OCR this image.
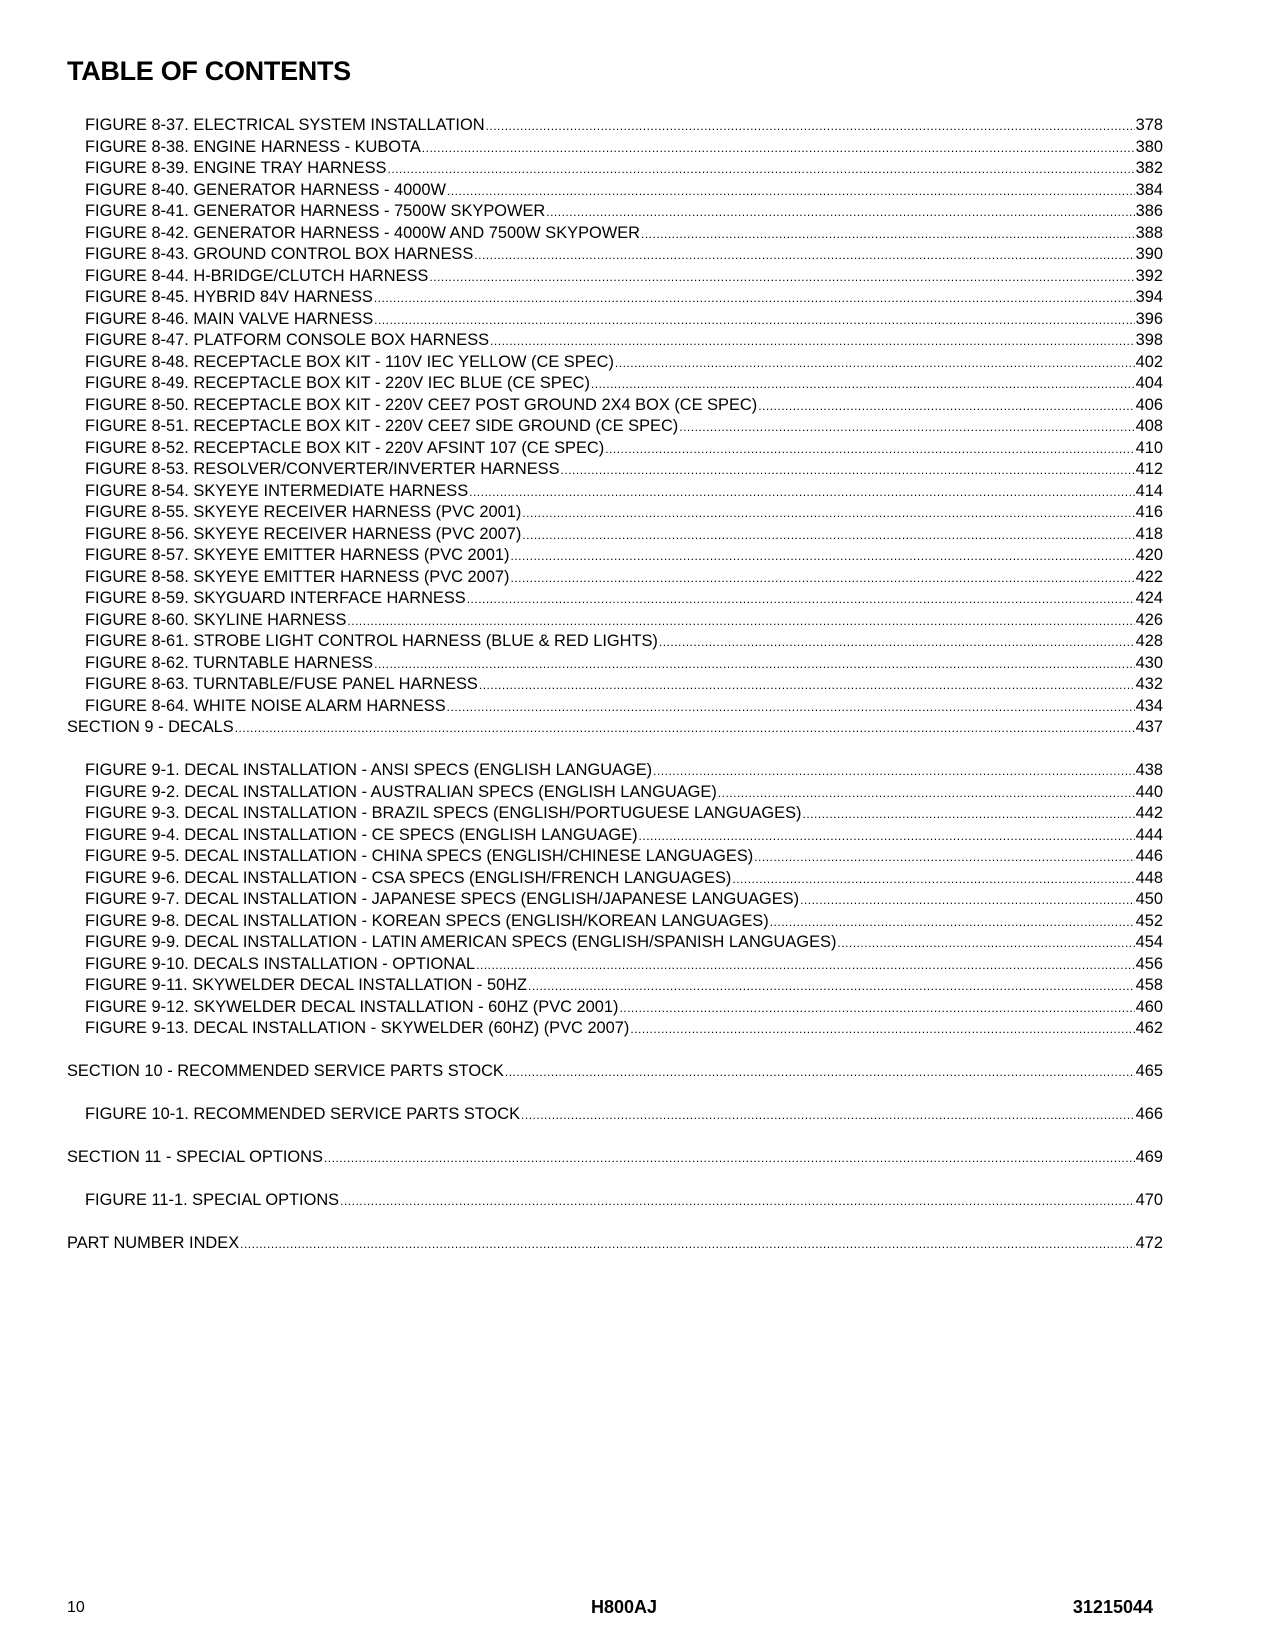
TABLE OF CONTENTS
FIGURE 8-37. ELECTRICAL SYSTEM INSTALLATION .....	378
FIGURE 8-38. ENGINE HARNESS - KUBOTA .....	380
FIGURE 8-39. ENGINE TRAY HARNESS .....	382
FIGURE 8-40. GENERATOR HARNESS - 4000W .....	384
FIGURE 8-41. GENERATOR HARNESS - 7500W SKYPOWER .....	386
FIGURE 8-42. GENERATOR HARNESS - 4000W AND 7500W SKYPOWER .....	388
FIGURE 8-43. GROUND CONTROL BOX HARNESS .....	390
FIGURE 8-44. H-BRIDGE/CLUTCH HARNESS .....	392
FIGURE 8-45. HYBRID 84V HARNESS .....	394
FIGURE 8-46. MAIN VALVE HARNESS .....	396
FIGURE 8-47. PLATFORM CONSOLE BOX HARNESS .....	398
FIGURE 8-48. RECEPTACLE BOX KIT - 110V IEC YELLOW (CE SPEC) .....	402
FIGURE 8-49. RECEPTACLE BOX KIT - 220V IEC BLUE (CE SPEC) .....	404
FIGURE 8-50. RECEPTACLE BOX KIT - 220V CEE7 POST GROUND 2X4 BOX (CE SPEC) .....	406
FIGURE 8-51. RECEPTACLE BOX KIT - 220V CEE7 SIDE GROUND (CE SPEC) .....	408
FIGURE 8-52. RECEPTACLE BOX KIT - 220V AFSINT 107 (CE SPEC) .....	410
FIGURE 8-53. RESOLVER/CONVERTER/INVERTER HARNESS .....	412
FIGURE 8-54. SKYEYE INTERMEDIATE HARNESS .....	414
FIGURE 8-55. SKYEYE RECEIVER HARNESS (PVC 2001) .....	416
FIGURE 8-56. SKYEYE RECEIVER HARNESS (PVC 2007) .....	418
FIGURE 8-57. SKYEYE EMITTER HARNESS (PVC 2001) .....	420
FIGURE 8-58. SKYEYE EMITTER HARNESS (PVC 2007) .....	422
FIGURE 8-59. SKYGUARD INTERFACE HARNESS .....	424
FIGURE 8-60. SKYLINE HARNESS .....	426
FIGURE 8-61. STROBE LIGHT CONTROL HARNESS (BLUE & RED LIGHTS) .....	428
FIGURE 8-62. TURNTABLE HARNESS .....	430
FIGURE 8-63. TURNTABLE/FUSE PANEL HARNESS .....	432
FIGURE 8-64. WHITE NOISE ALARM HARNESS .....	434
SECTION 9 - DECALS .....	437
FIGURE 9-1. DECAL INSTALLATION - ANSI SPECS (ENGLISH LANGUAGE) .....	438
FIGURE 9-2. DECAL INSTALLATION - AUSTRALIAN SPECS (ENGLISH LANGUAGE) .....	440
FIGURE 9-3. DECAL INSTALLATION - BRAZIL SPECS (ENGLISH/PORTUGUESE LANGUAGES) .....	442
FIGURE 9-4. DECAL INSTALLATION - CE SPECS (ENGLISH LANGUAGE) .....	444
FIGURE 9-5. DECAL INSTALLATION - CHINA SPECS (ENGLISH/CHINESE LANGUAGES) .....	446
FIGURE 9-6. DECAL INSTALLATION - CSA SPECS (ENGLISH/FRENCH LANGUAGES) .....	448
FIGURE 9-7. DECAL INSTALLATION - JAPANESE SPECS (ENGLISH/JAPANESE LANGUAGES) .....	450
FIGURE 9-8. DECAL INSTALLATION - KOREAN SPECS (ENGLISH/KOREAN LANGUAGES) .....	452
FIGURE 9-9. DECAL INSTALLATION - LATIN AMERICAN SPECS (ENGLISH/SPANISH LANGUAGES) .....	454
FIGURE 9-10. DECALS INSTALLATION - OPTIONAL .....	456
FIGURE 9-11. SKYWELDER DECAL INSTALLATION - 50HZ .....	458
FIGURE 9-12. SKYWELDER DECAL INSTALLATION - 60HZ (PVC 2001) .....	460
FIGURE 9-13. DECAL INSTALLATION - SKYWELDER (60HZ) (PVC 2007) .....	462
SECTION 10 - RECOMMENDED SERVICE PARTS STOCK .....	465
FIGURE 10-1. RECOMMENDED SERVICE PARTS STOCK .....	466
SECTION 11 - SPECIAL OPTIONS .....	469
FIGURE 11-1. SPECIAL OPTIONS .....	470
PART NUMBER INDEX .....	472
10	H800AJ	31215044
